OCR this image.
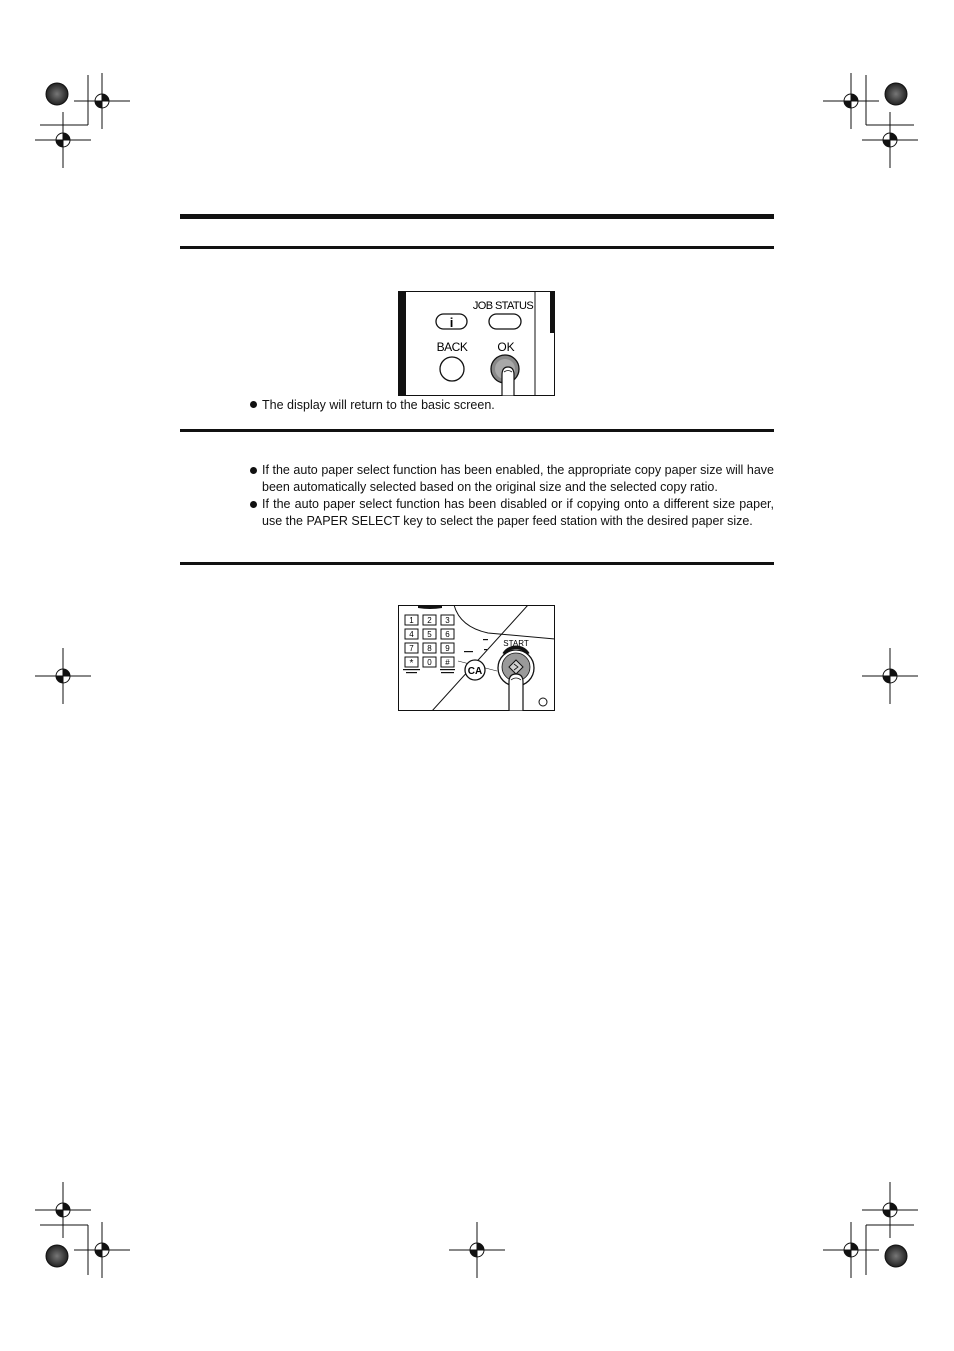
i
JOB STATUS
BACK OK
The display will return to the basic screen.

If the auto paper select function has been enabled, the appropriate copy paper size will have been automatically selected based on the original size and the selected copy ratio.

If the auto paper select function has been disabled or if copying onto a different size paper, use the PAPER SELECT key to select the paper feed station with the desired paper size.

1 2 3
4 5 6
7 8 9
* 0 #
CA
START
